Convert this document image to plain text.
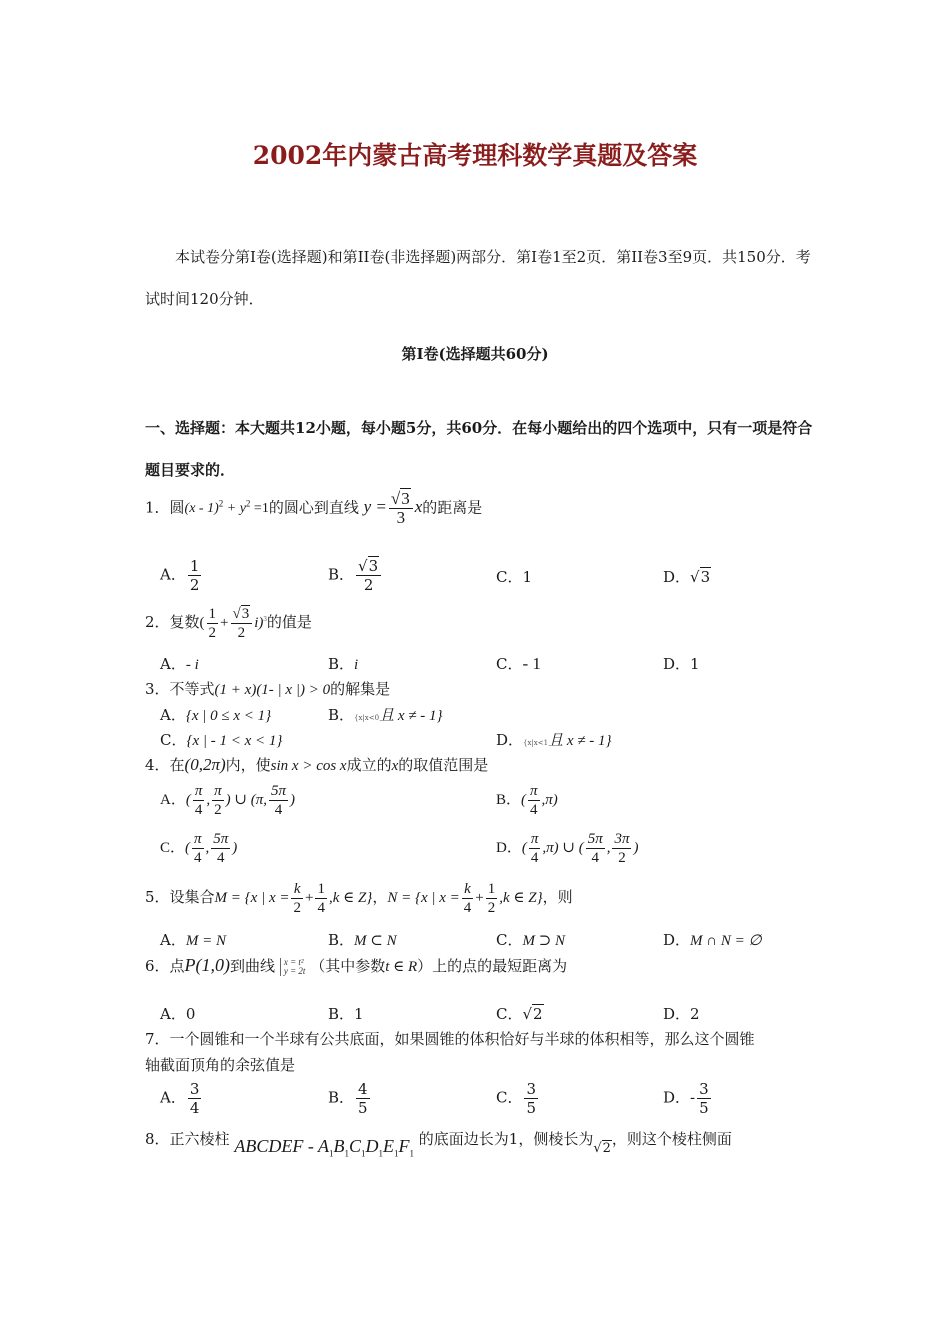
2002年内蒙古高考理科数学真题及答案
本试卷分第Ⅰ卷(选择题)和第II卷(非选择题)两部分．第Ⅰ卷1至2页．第II卷3至9页．共150分．考试时间120分钟．
第Ⅰ卷(选择题共60分)
一、选择题：本大题共12小题，每小题5分，共60分．在每小题给出的四个选项中，只有一项是符合题目要求的．
1．圆$(x - 1)^2 + y^2 =1$的圆心到直线 $y = \frac{√3}{3}$ x的距离是
A． $\frac{1}{2}$	B． $\frac{√3}{2}$	C．1	D．√3
2．复数( $\frac{1}{2} + \frac{√3}{2} i)^3$的值是
A．- i	B．i	C．- 1	D．1
3．不等式(1 + x)(1- | x |) > 0的解集是
A．{x | 0 ≤ x < 1}	B．{x|x<0且 x ≠ - 1}
C．{x | - 1 < x < 1}	D．{x|x<1且 x ≠ - 1}
4．在(0,2π)内，使sin x > cos x成立的x的取值范围是
A．( $\frac{\pi}{4}$ , $\frac{\pi}{2}$ ) ∪ (π, $\frac{5\pi}{4}$ )	B．( $\frac{\pi}{4} ,\pi$)
C．( $\frac{\pi}{4}$ , $\frac{5\pi}{4}$ )	D．( $\frac{\pi}{4} ,\pi$) ∪ ( $\frac{5\pi}{4}$ , $\frac{3\pi}{2}$ )
5．设集合M = {x | $x = \frac{k}{2} + \frac{1}{4} ,k$ ∈ Z}，N = {x | $x = \frac{k}{4} + \frac{1}{2} ,k$ ∈ Z}，则
A．M = N	B．M ⊂ N	C．M ⊃ N	D．M ∩ N = ∅
6．点P(1,0)到曲线 x = t²
y = 2t （其中参数t ∈ R）上的点的最短距离为
A．0	B．1	C．√2	D．2
7．一个圆锥和一个半球有公共底面，如果圆锥的体积恰好与半球的体积相等，那么这个圆锥
轴截面顶角的余弦值是
A． $\frac{3}{4}$	B． $\frac{4}{5}$	C． $\frac{3}{5}$	D．- $\frac{3}{5}$
8．正六棱柱 ABCDEF - $A_1B_1C_1D_1E_1F_1$ 的底面边长为1，侧棱长为√2，则这个棱柱侧面
